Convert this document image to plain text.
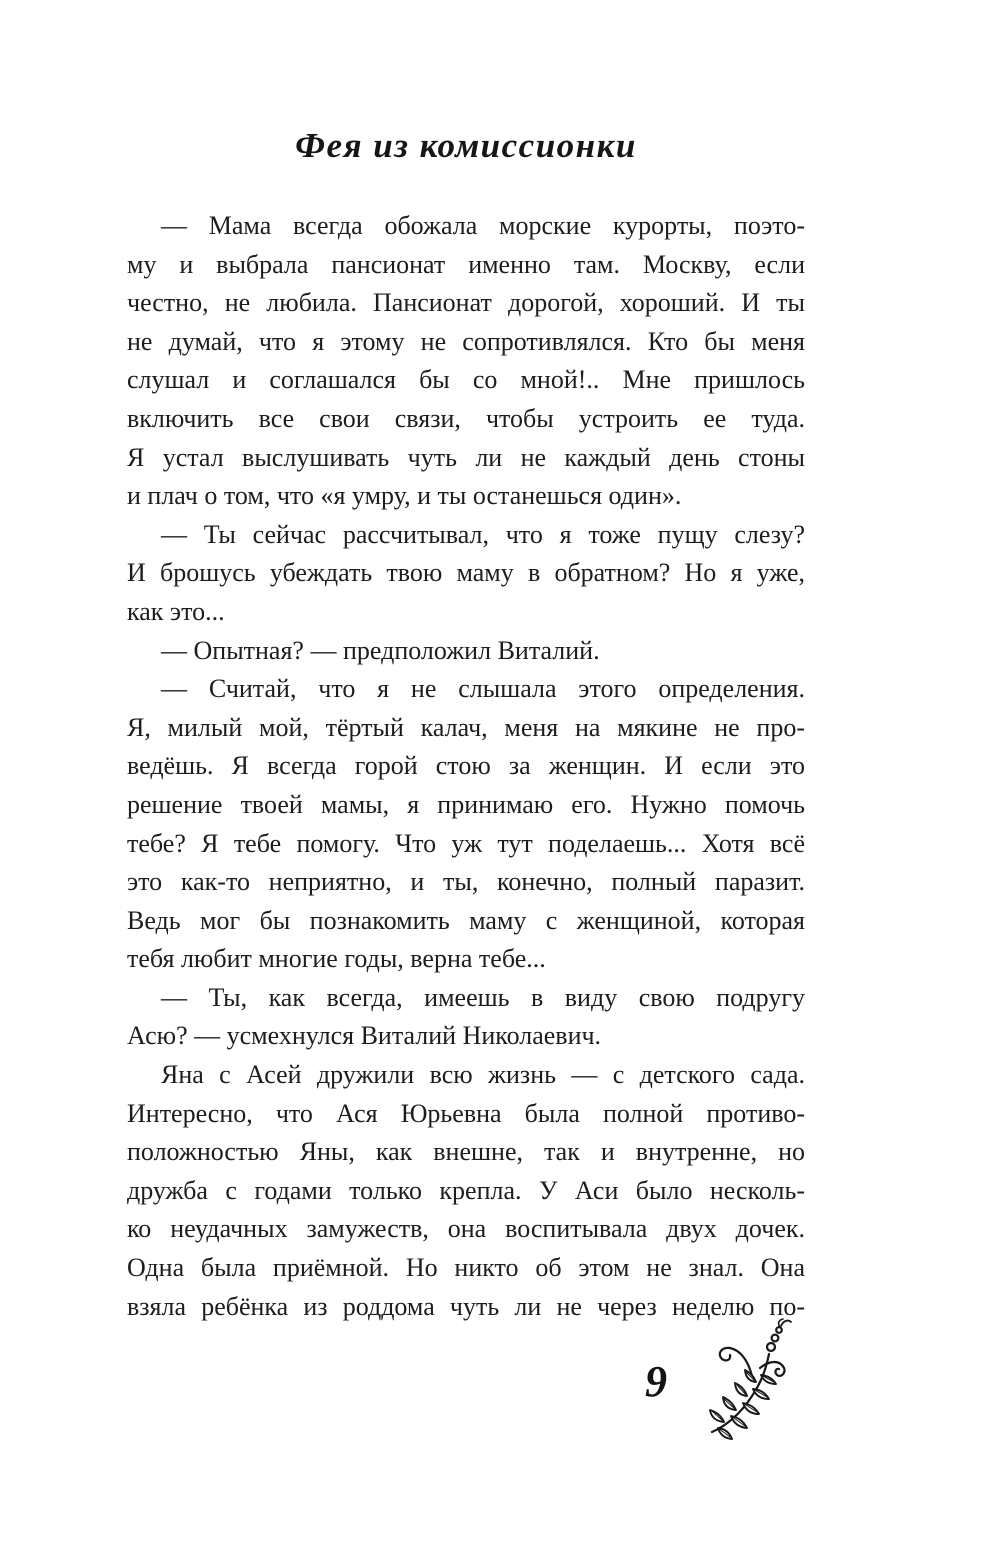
Фея из комиссионки
— Мама всегда обожала морские курорты, поэто-
му и выбрала пансионат именно там. Москву, если
честно, не любила. Пансионат дорогой, хороший. И ты
не думай, что я этому не сопротивлялся. Кто бы меня
слушал и соглашался бы со мной!.. Мне пришлось
включить все свои связи, чтобы устроить ее туда.
Я устал выслушивать чуть ли не каждый день стоны
и плач о том, что «я умру, и ты останешься один».
— Ты сейчас рассчитывал, что я тоже пущу слезу?
И брошусь убеждать твою маму в обратном? Но я уже,
как это...
— Опытная? — предположил Виталий.
— Считай, что я не слышала этого определения.
Я, милый мой, тёртый калач, меня на мякине не про-
ведёшь. Я всегда горой стою за женщин. И если это
решение твоей мамы, я принимаю его. Нужно помочь
тебе? Я тебе помогу. Что уж тут поделаешь... Хотя всё
это как-то неприятно, и ты, конечно, полный паразит.
Ведь мог бы познакомить маму с женщиной, которая
тебя любит многие годы, верна тебе...
— Ты, как всегда, имеешь в виду свою подругу
Асю? — усмехнулся Виталий Николаевич.
Яна с Асей дружили всю жизнь — с детского сада.
Интересно, что Ася Юрьевна была полной противо-
положностью Яны, как внешне, так и внутренне, но
дружба с годами только крепла. У Аси было несколь-
ко неудачных замужеств, она воспитывала двух дочек.
Одна была приёмной. Но никто об этом не знал. Она
взяла ребёнка из роддома чуть ли не через неделю по-
9
